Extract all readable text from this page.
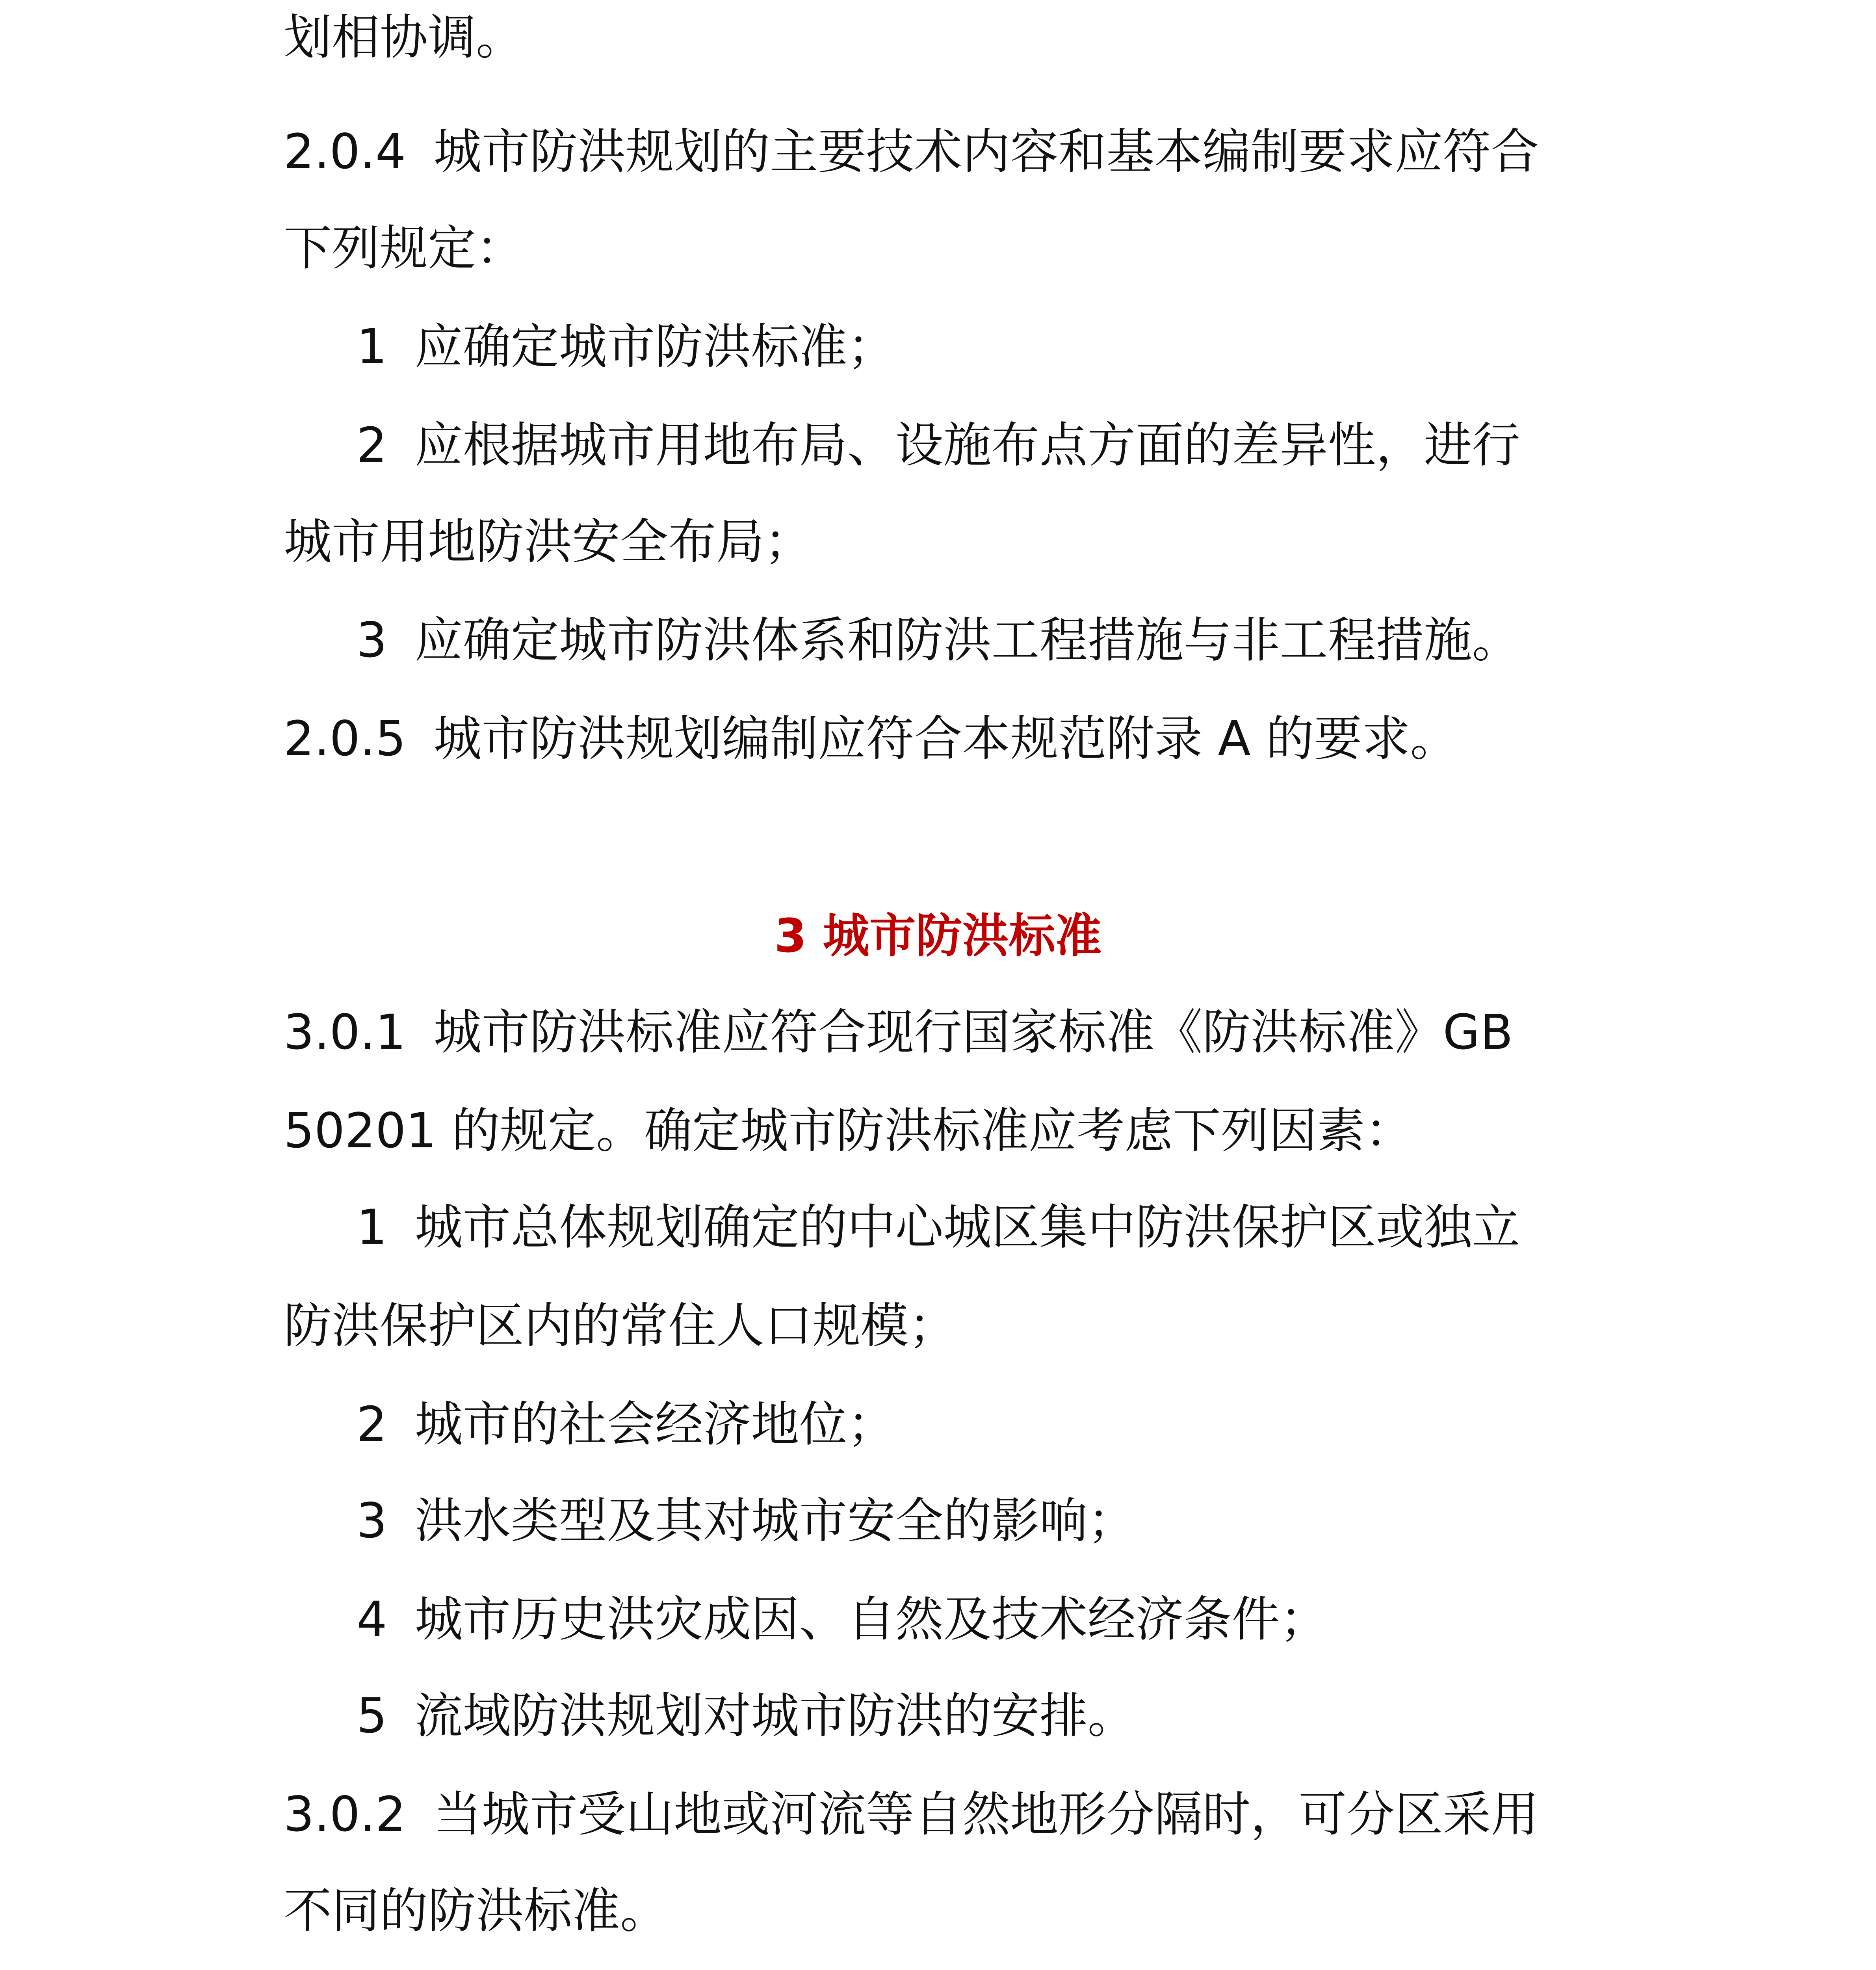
划相协调。
2.0.4 城市防洪规划的主要技术内容和基本编制要求应符合
下列规定：
1 应确定城市防洪标准；
2 应根据城市用地布局、设施布点方面的差异性，进行
城市用地防洪安全布局；
3 应确定城市防洪体系和防洪工程措施与非工程措施。
2.0.5 城市防洪规划编制应符合本规范附录 A 的要求。
3 城市防洪标准
3.0.1 城市防洪标准应符合现行国家标准《防洪标准》GB
50201 的规定。确定城市防洪标准应考虑下列因素：
1 城市总体规划确定的中心城区集中防洪保护区或独立
防洪保护区内的常住人口规模；
2 城市的社会经济地位；
3 洪水类型及其对城市安全的影响；
4 城市历史洪灾成因、自然及技术经济条件；
5 流域防洪规划对城市防洪的安排。
3.0.2 当城市受山地或河流等自然地形分隔时，可分区采用
不同的防洪标准。
